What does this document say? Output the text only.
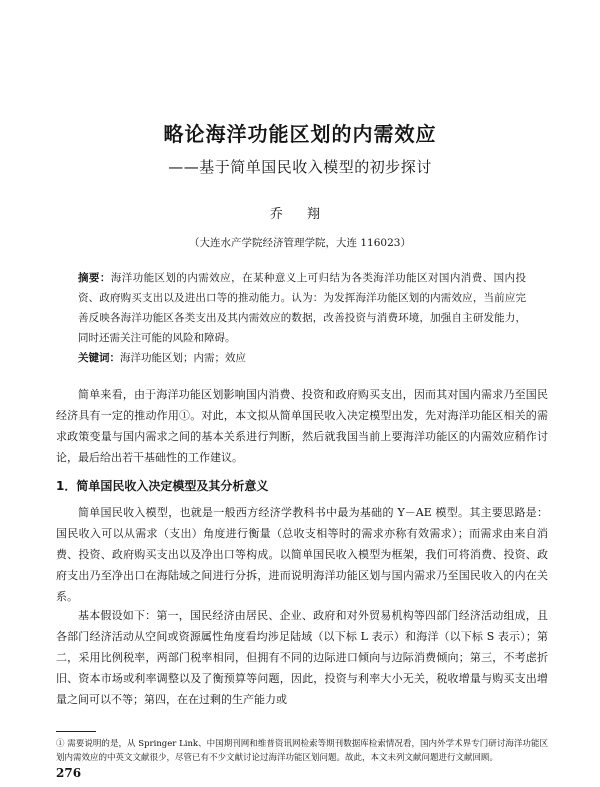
略论海洋功能区划的内需效应
——基于简单国民收入模型的初步探讨
乔 翔
（大连水产学院经济管理学院，大连 116023）
摘要：海洋功能区划的内需效应，在某种意义上可归结为各类海洋功能区对国内消费、国内投资、政府购买支出以及进出口等的推动能力。认为：为发挥海洋功能区划的内需效应，当前应完善反映各海洋功能区各类支出及其内需效应的数据，改善投资与消费环境，加强自主研发能力，同时还需关注可能的风险和障碍。
关键词：海洋功能区划；内需；效应
简单来看，由于海洋功能区划影响国内消费、投资和政府购买支出，因而其对国内需求乃至国民经济具有一定的推动作用①。对此，本文拟从简单国民收入决定模型出发，先对海洋功能区相关的需求政策变量与国内需求之间的基本关系进行判断，然后就我国当前上要海洋功能区的内需效应稍作讨论，最后给出若干基础性的工作建议。
1．简单国民收入决定模型及其分析意义
简单国民收入模型，也就是一般西方经济学教科书中最为基础的 Y－AE 模型。其主要思路是：国民收入可以从需求（支出）角度进行衡量（总收支相等时的需求亦称有效需求）；而需求由来自消费、投资、政府购买支出以及净出口等构成。以简单国民收入模型为框架，我们可将消费、投资、政府支出乃至净出口在海陆域之间进行分拆，进而说明海洋功能区划与国内需求乃至国民收入的内在关系。
基本假设如下：第一，国民经济由居民、企业、政府和对外贸易机构等四部门经济活动组成，且各部门经济活动从空间或资源属性角度看均涉足陆域（以下标 L 表示）和海洋（以下标 S 表示）；第二，采用比例税率，两部门税率相同，但拥有不同的边际进口倾向与边际消费倾向；第三，不考虑折旧、资本市场或利率调整以及了衡预算等问题，因此，投资与利率大小无关，税收增量与购买支出增量之间可以不等；第四，在在过剩的生产能力或
① 需要说明的是，从 Springer Link、中国期刊网和维普资讯网检索等期刊数据库检索情况看，国内外学术界专门研讨海洋功能区划内需效应的中英文文献很少，尽管已有不少文献讨论过海洋功能区划问题。故此，本文未列文献问题进行文献回顾。
276
